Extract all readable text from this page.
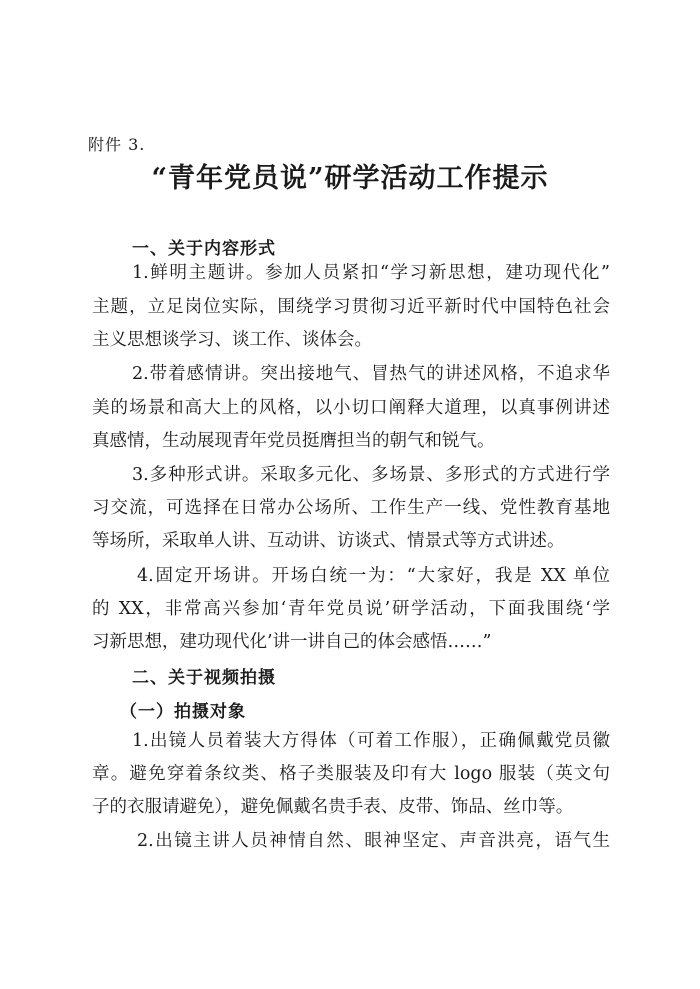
附件 3.
“青年党员说”研学活动工作提示
一、关于内容形式
1.鲜明主题讲。参加人员紧扣“学习新思想，建功现代化”
主题，立足岗位实际，围绕学习贯彻习近平新时代中国特色社会
主义思想谈学习、谈工作、谈体会。
2.带着感情讲。突出接地气、冒热气的讲述风格，不追求华
美的场景和高大上的风格，以小切口阐释大道理，以真事例讲述
真感情，生动展现青年党员挺膺担当的朝气和锐气。
3.多种形式讲。采取多元化、多场景、多形式的方式进行学
习交流，可选择在日常办公场所、工作生产一线、党性教育基地
等场所，采取单人讲、互动讲、访谈式、情景式等方式讲述。
4.固定开场讲。开场白统一为：“大家好，我是 XX 单位
的 XX，非常高兴参加‘青年党员说’研学活动，下面我围绕‘学
习新思想，建功现代化’讲一讲自己的体会感悟……”
二、关于视频拍摄
（一）拍摄对象
1.出镜人员着装大方得体（可着工作服），正确佩戴党员徽
章。避免穿着条纹类、格子类服装及印有大 logo 服装（英文句
子的衣服请避免），避免佩戴名贵手表、皮带、饰品、丝巾等。
2.出镜主讲人员神情自然、眼神坚定、声音洪亮，语气生
